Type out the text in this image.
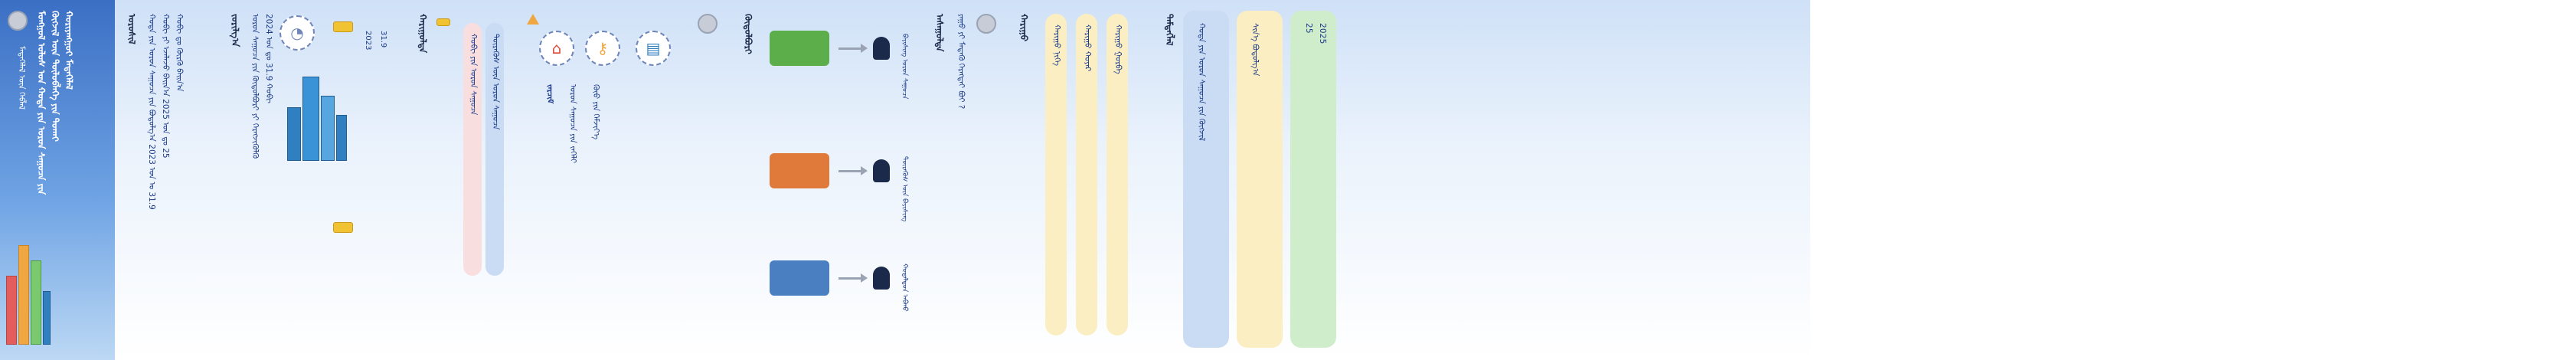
ᠮᠣᠩᠭᠣᠯ ᠤᠯᠤᠰ ᠤᠨ ᠬᠣᠲᠠ ᠶᠢᠨ ᠣᠷᠣᠨ ᠰᠠᠭᠤᠴᠠ ᠶᠢᠨ ᠬᠥᠭᠵᠢᠯ ᠦᠨ ᠲᠥᠯᠥᠪᠯᠡᠭᠡ ᠶᠢᠨ ᠲᠤᠬᠠᠢ ᠬᠤᠷᠢᠶᠠᠩᠭᠤᠢ ᠮᠡᠳᠡᠭᠡᠯᠡᠯ
ᠮᠡᠳᠡᠭᠡᠯᠡᠯ ᠦᠨ ᠬᠡᠪᠯᠡᠯ
ᠣᠷᠣᠰᠢᠯ	ᠬᠣᠲᠠ ᠶᠢᠨ ᠣᠷᠣᠨ ᠰᠠᠭᠤᠴᠠ ᠶᠢᠨ ᠪᠣᠳᠣᠯᠭ᠎ᠠ 2023 ᠣᠨ ᠤ 31.9 ᠬᠤᠪᠢ ᠶᠢ ᠡᠵᠡᠯᠡᠵᠦ ᠪᠠᠢᠨ᠎ᠠ 2025 ᠣᠨ ᠳᠤ 25 ᠬᠤᠪᠢ ᠳᠤ ᠬᠦᠷᠬᠦ ᠪᠠᠢᠨ᠎ᠠ	ᠵᠣᠷᠢᠯᠭ᠎ᠠ	ᠣᠷᠣᠨ ᠰᠠᠭᠤᠴᠠ ᠶᠢᠨ ᠬᠥᠲᠦᠯᠪᠦᠷᠢ ᠶᠢ ᠬᠡᠷᠡᠭᠵᠢᠭᠦᠯᠬᠦ 2024 ᠣᠨ ᠳᠤ 31.9 ᠬᠤᠪᠢ	◔	2023 31.9	ᠬᠠᠷᠢᠭᠤᠯᠲᠠ
ᠬᠤᠪᠢ ᠶᠢᠨ ᠣᠷᠣᠨ ᠰᠠᠭᠤᠴᠠ ᠲᠦᠷᠡᠭᠦᠰ ᠦᠨ ᠣᠷᠣᠨ ᠰᠠᠭᠤᠴᠠ	⌂	⚷	▤
ᠵᠠᠷᠴᠢᠮ ᠣᠷᠣᠨ ᠰᠠᠭᠤᠴᠠ ᠶᠢᠨ ᠵᠡᠭᠡᠯᠢ ᠬᠦᠦ ᠶᠢᠨ ᠬᠡᠮᠵᠢᠶ᠎ᠡ
ᠬᠥᠲᠦᠯᠪᠦᠷᠢ	ᠪᠠᠶᠢᠰᠢᠩ ᠣᠷᠣᠨ ᠰᠠᠭᠤᠴᠠ
ᠲᠦᠷᠡᠭᠦᠰ ᠦᠨ ᠪᠠᠶᠢᠰᠢᠩ
ᠬᠤᠳᠠᠯᠳᠤᠨ ᠠᠪᠬᠤ
ᠠᠰᠠᠭᠤᠯᠲᠠ	ᠶᠠᠭᠤ ᠶᠢ ᠮᠡᠳᠡᠬᠦ ᠬᠡᠷᠡᠭᠲᠡᠢ ᠪᠤᠢ ?	ᠬᠠᠷᠢᠭᠤ	ᠬᠠᠷᠢᠭᠤ ᠨᠢᠭᠡ	ᠬᠠᠷᠢᠭᠤ ᠬᠣᠶᠠᠷ	ᠬᠠᠷᠢᠭᠤ ᠭᠤᠷᠪᠠ	ᠲᠡᠮᠳᠡᠭᠯᠡᠯ	ᠬᠣᠲᠠ ᠶᠢᠨ ᠣᠷᠣᠨ ᠰᠠᠭᠤᠴᠠ ᠶᠢᠨ ᠬᠥᠭᠵᠢᠯ	ᠰᠢᠨ᠎ᠡ ᠪᠣᠳᠣᠯᠭ᠎ᠠ	25 2025
